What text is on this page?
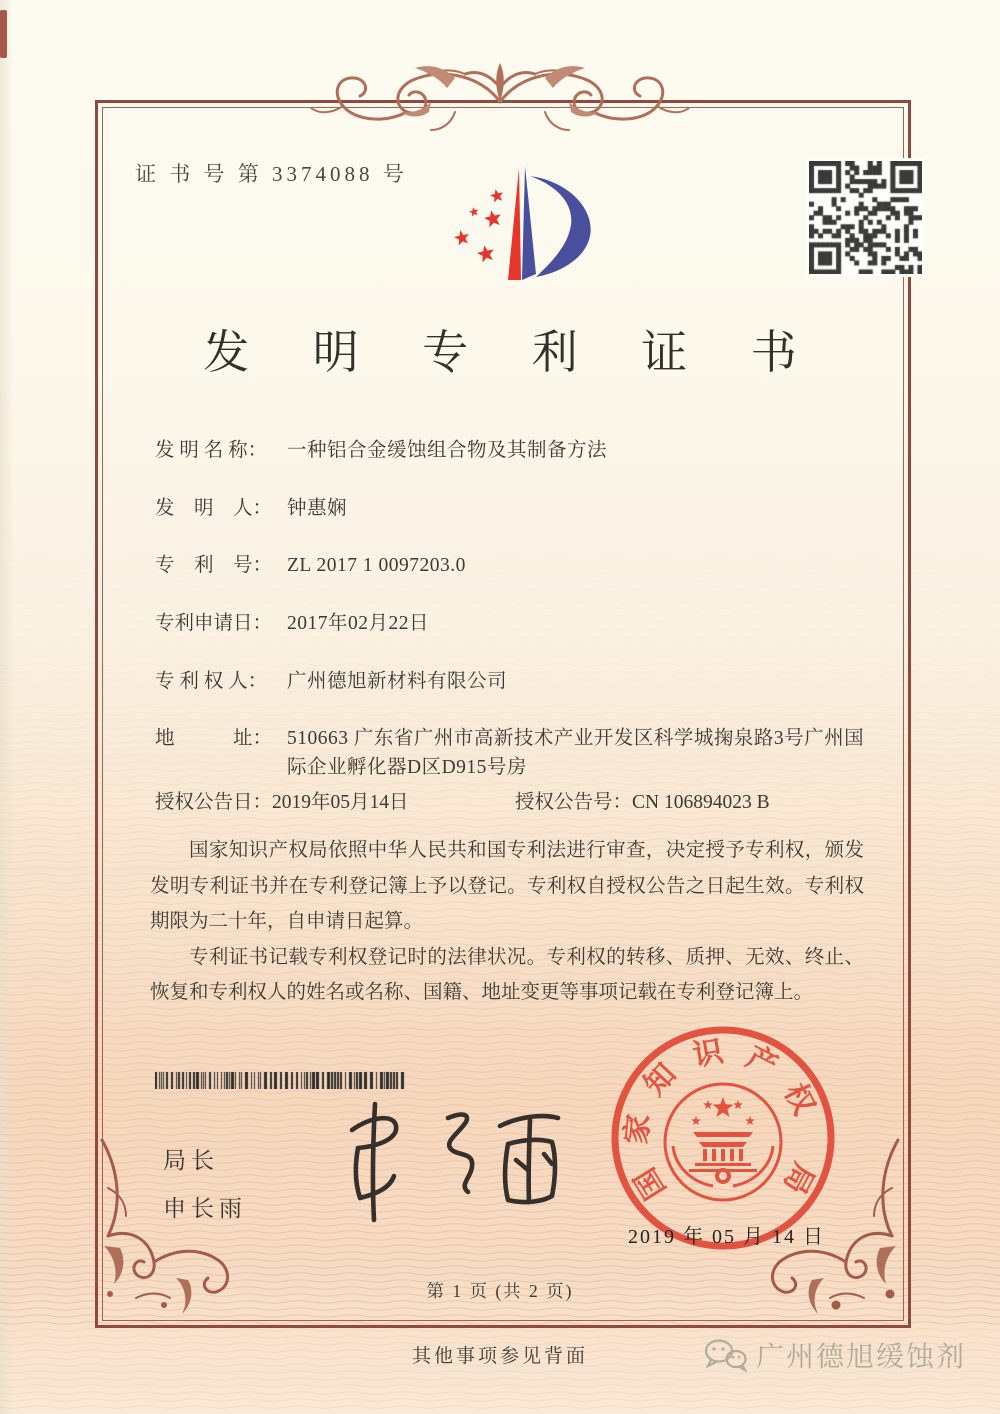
证 书 号 第 3374088 号
发 明 专 利 证 书
发 明 名 称：	一种铝合金缓蚀组合物及其制备方法
发　明　人： 钟惠娴
专　利　号： ZL 2017 1 0097203.0
专利申请日： 2017年02月22日
专 利 权 人：	广州德旭新材料有限公司
地　　　址： 510663 广东省广州市高新技术产业开发区科学城掬泉路3号广州国际企业孵化器D区D915号房
授权公告日：2019年05月14日	授权公告号：CN 106894023 B

国家知识产权局依照中华人民共和国专利法进行审查，决定授予专利权，颁发发明专利证书并在专利登记簿上予以登记。专利权自授权公告之日起生效。专利权期限为二十年，自申请日起算。

专利证书记载专利权登记时的法律状况。专利权的转移、质押、无效、终止、恢复和专利权人的姓名或名称、国籍、地址变更等事项记载在专利登记簿上。

局长
申长雨
国
家
知
识 产
权
局
2019 年 05 月 14 日
第 1 页 (共 2 页)
其他事项参见背面	广州德旭缓蚀剂
